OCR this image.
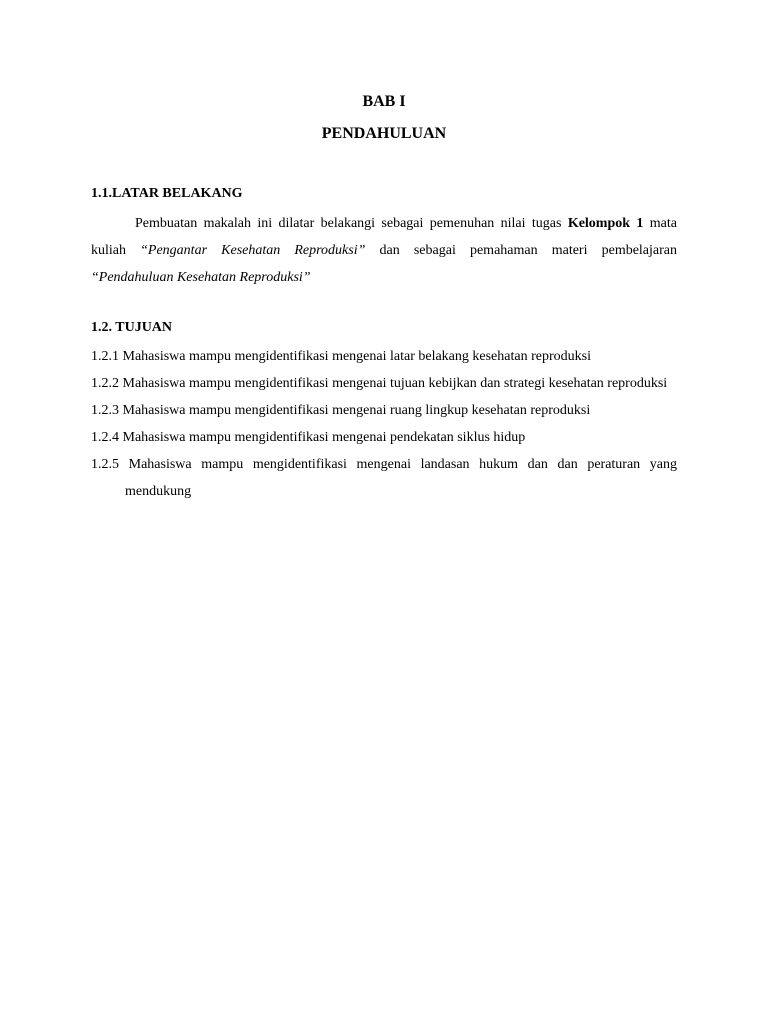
BAB I
PENDAHULUAN
1.1.LATAR BELAKANG

Pembuatan makalah ini dilatar belakangi sebagai pemenuhan nilai tugas Kelompok 1 mata kuliah “Pengantar Kesehatan Reproduksi” dan sebagai pemahaman materi pembelajaran “Pendahuluan Kesehatan Reproduksi”

1.2. TUJUAN
1.2.1 Mahasiswa mampu mengidentifikasi mengenai latar belakang kesehatan reproduksi
1.2.2 Mahasiswa mampu mengidentifikasi mengenai tujuan kebijkan dan strategi kesehatan reproduksi
1.2.3 Mahasiswa mampu mengidentifikasi mengenai ruang lingkup kesehatan reproduksi
1.2.4 Mahasiswa mampu mengidentifikasi mengenai pendekatan siklus hidup
1.2.5 Mahasiswa mampu mengidentifikasi mengenai landasan hukum dan dan peraturan yang mendukung
